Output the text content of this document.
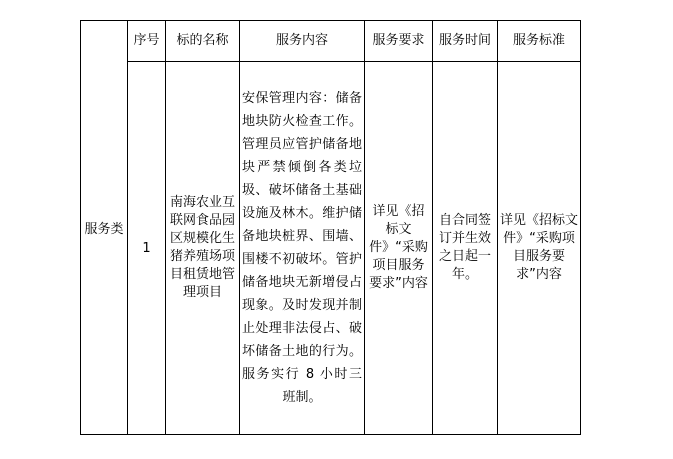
服务类	序号	标的名称	服务内容	服务要求	服务时间	服务标准
	1	南海农业互联网食品园区规模化生猪养殖场项目租赁地管理项目	安保管理内容：储备地块防火检查工作。管理员应管护储备地块严禁倾倒各类垃圾、破坏储备土基础设施及林木。维护储备地块桩界、围墙、围楼不初破坏。管护储备地块无新增侵占现象。及时发现并制止处理非法侵占、破坏储备土地的行为。服务实行 8 小时三班制。	详见《招标文件》“采购项目服务要求”内容	自合同签订并生效之日起一年。	详见《招标文件》“采购项目服务要求”内容
